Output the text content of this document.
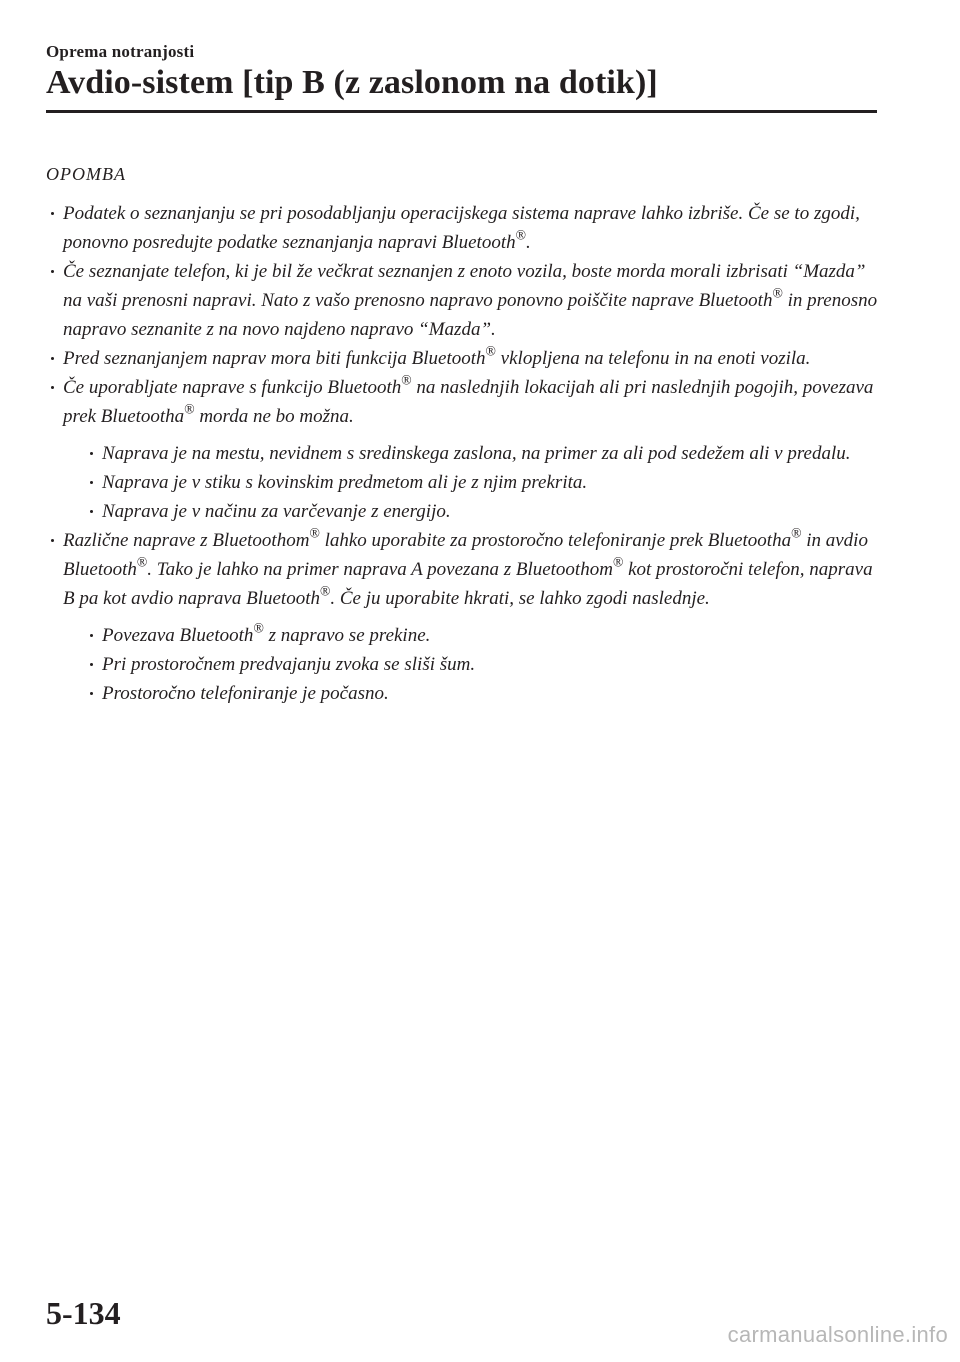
Oprema notranjosti
Avdio-sistem [tip B (z zaslonom na dotik)]
OPOMBA
Podatek o seznanjanju se pri posodabljanju operacijskega sistema naprave lahko izbriše. Če se to zgodi, ponovno posredujte podatke seznanjanja napravi Bluetooth®.
Če seznanjate telefon, ki je bil že večkrat seznanjen z enoto vozila, boste morda morali izbrisati “Mazda” na vaši prenosni napravi. Nato z vašo prenosno napravo ponovno poiščite naprave Bluetooth® in prenosno napravo seznanite z na novo najdeno napravo “Mazda”.
Pred seznanjanjem naprav mora biti funkcija Bluetooth® vklopljena na telefonu in na enoti vozila.
Če uporabljate naprave s funkcijo Bluetooth® na naslednjih lokacijah ali pri naslednjih pogojih, povezava prek Bluetootha® morda ne bo možna.
Naprava je na mestu, nevidnem s sredinskega zaslona, na primer za ali pod sedežem ali v predalu.
Naprava je v stiku s kovinskim predmetom ali je z njim prekrita.
Naprava je v načinu za varčevanje z energijo.
Različne naprave z Bluetoothom® lahko uporabite za prostoročno telefoniranje prek Bluetootha® in avdio Bluetooth®. Tako je lahko na primer naprava A povezana z Bluetoothom® kot prostoročni telefon, naprava B pa kot avdio naprava Bluetooth®. Če ju uporabite hkrati, se lahko zgodi naslednje.
Povezava Bluetooth® z napravo se prekine.
Pri prostoročnem predvajanju zvoka se sliši šum.
Prostoročno telefoniranje je počasno.
5-134
carmanualsonline.info
